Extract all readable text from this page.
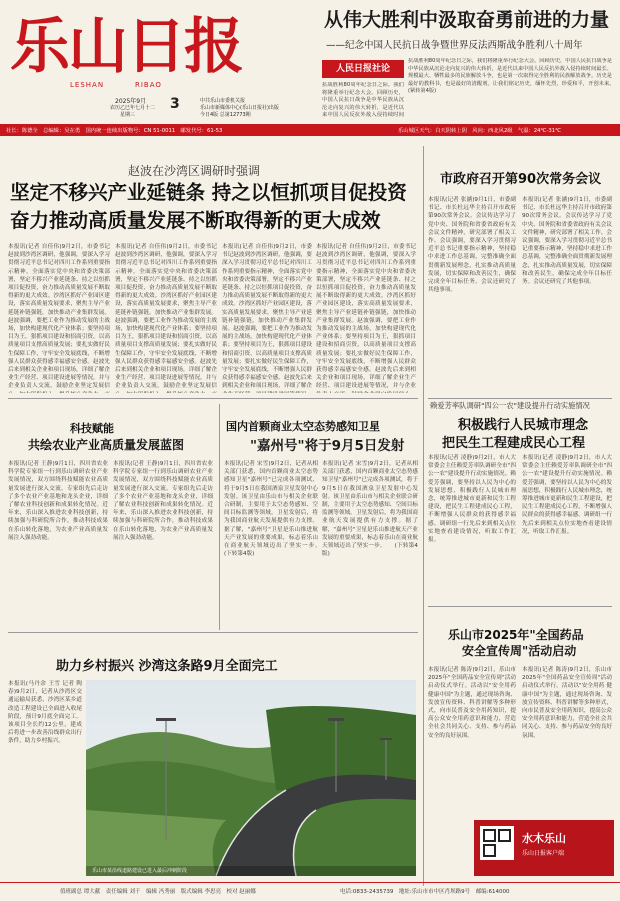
乐山日报
LESHAN	RIBAO
2025年9月
农历乙巳年七月十二
星期三
3	中共乐山市委机关报
乐山市新媒体中心(乐山日报社)出版
今日4版 总第12773期
从伟大胜利中汲取奋勇前进的力量
——纪念中国人民抗日战争暨世界反法西斯战争胜利八十周年
人民日报社论
抗战胜利80周年纪念日之际，我们将隆重举行纪念大会。回顾历史，中国人民抗日战争是中华民族从沉沦走向复兴的伟大转折，是近代以来中国人民反抗外敌入侵持续时间最长、规模最大、牺牲最多的民族解放斗争，也是第一次取得完全胜利的民族解放战争。历史是最好的教科书，也是最好的清醒剂。让我们铭记历史，缅怀先烈，珍爱和平，开创未来。　　(紧转第4版)
抗战胜利80周年纪念日之际，我们将隆重举行纪念大会。回顾历史，中国人民抗日战争是中华民族从沉沦走向复兴的伟大转折，是近代以来中国人民反抗外敌入侵持续时间　　
社长：陈德全　总编辑：吴在勇　国内统一连续出版物号：CN 51-0011　邮发代号：61-53	乐山城区天气：白天阴转上阴　风向：西北风2级　气温：24℃-31℃
赵波在沙湾区调研时强调
坚定不移兴产业延链条 持之以恒抓项目促投资
奋力推动高质量发展不断取得新的更大成效
本报讯(记者 自佳伟)9月2日，市委书记赵波到沙湾区调研，他强调，要深入学习贯彻习近平总书记对四川工作系列重要指示精神，全面落实党中央和省委决策部署，坚定不移兴产业延链条、持之以恒抓项目促投资，奋力推动高质量发展不断取得新的更大成效。沙湾区抓好产业园区建设，落实高质量发展要求，聚焦主导产业延链补链强链，加快推动产业集群发展。赵波强调，要把工业作为推动发展的主战场，加快构建现代化产业体系；要坚持项目为王，狠抓项目建设和招商引资，以高质量项目支撑高质量发展；要扎实做好民生保障工作，守牢安全发展底线，不断增强人民群众获得感幸福感安全感。赵波先后来到相关企业和项目现场，详细了解企业生产经营、项目建设进展等情况，并与企业负责人交流，鼓励企业坚定发展信
本报讯(记者 自佳伟)9月2日，市委书记赵波到沙湾区调研，他强调，要深入学习贯彻习近平总书记对四川工作系列重要指示精神，全面落实党中央和省委决策部署，坚定不移兴产业延链条、持之以恒抓项目促投资，奋力推动高质量发展不断取得新的更大成效。沙湾区抓好产业园区建设，落实高质量发展要求，聚焦主导产业延链补链强链，加快推动产业集群发展。赵波强调，要把工业作为推动发展的主战场，加快构建现代化产业体系；要坚持项目为王，狠抓项目建设和招商引资，以高质量项目支撑高质量发展；要扎实做好民生保障工作，守牢安全发展底线，不断增强人民群众获得感幸福感安全感。赵波先后来到相关企业和项目现场，详细了解企业生产经营、项目建设进展等情况，并与企业负责人交流，鼓励企业坚定发展信
本报讯(记者 自佳伟)9月2日，市委书记赵波到沙湾区调研，他强调，要深入学习贯彻习近平总书记对四川工作系列重要指示精神，全面落实党中央和省委决策部署，坚定不移兴产业延链条、持之以恒抓项目促投资，奋力推动高质量发展不断取得新的更大成效。沙湾区抓好产业园区建设，落实高质量发展要求，聚焦主导产业延链补链强链，加快推动产业集群发展。赵波强调，要把工业作为推动发展的主战场，加快构建现代化产业体系；要坚持项目为王，狠抓项目建设和招商引资，以高质量项目支撑高质量发展；要扎实做好民生保障工作，守牢安全发展底线，不断增强人民群众获得感幸福感安全感。赵波先后来到相关企业和项目现场，详细了解企
本报讯(记者 自佳伟)9月2日，市委书记赵波到沙湾区调研，他强调，要深入学习贯彻习近平总书记对四川工作系列重要指示精神，全面落实党中央和省委决策部署，坚定不移兴产业延链条、持之以恒抓项目促投资，奋力推动高质量发展不断取得新的更大成效。沙湾区抓好产业园区建设，落实高质量发展要求，聚焦主导产业延链补链强链，加快推动产业集群发展。赵波强调，要把工业作为推动发展的主战场，加快构建现代化产业体系；要坚持项目为王，狠抓项目建设和招商引资，以高质量项目支撑高质量发展；要扎实做好民生保障工作，守牢安全发展底线，不断增强人民群众获得感幸福感安全感。赵波先后来到相关企业和项目现场，详细了解企业生产经营、项目建设进展等情况，并与企业
市政府召开第90次常务会议
本报讯(记者 张涵)9月1日，市委副书记、市长杜远华主持召开市政府第90次常务会议。会议传达学习了党中央、国务院和省委省政府有关会议文件精神，研究部署了相关工作。会议强调，要深入学习贯彻习近平总书记重要指示精神，坚持稳中求进工作总基调，完整准确全面贯彻新发展理念，扎实推动高质量发展，切实保障和改善民生，确保完成全年目标任务。会议还研究了其他事项。
本报讯(记者 张涵)9月1日，市委副书记、市长杜远华主持召开市政府第90次常务会议。会议传达学习了党中央、国务院和省委省政府有关会议文件精神，研究部署了相关工作。会议强调，要深入学习贯彻习近平总书记重要指示精神，坚持稳中求进工作总基调，完整准确全面贯彻新发展理念，扎实推动高质量发展，切实保障和改善民生，确保完成全年目标任务。会议还研究了其他事项。
赖爱芳率队调研"四公一农"建设提升行动实施情况
积极践行人民城市理念
把民生工程建成民心工程
本报讯(记者 凌静)9月2日，市人大常委会主任赖爱芳率队调研全市"四公一农"建设提升行动实施情况。赖爱芳强调，要坚持以人民为中心的发展思想，积极践行人民城市理念，统筹推进城市更新和民生工程建设，把民生工程建成民心工程，不断增强人民群众的获得感幸福感。调研组一行先后来到相关点位实地查看建设情况，听取工作汇报。
本报讯(记者 凌静)9月2日，市人大常委会主任赖爱芳率队调研全市"四公一农"建设提升行动实施情况。赖爱芳强调，要坚持以人民为中心的发展思想，积极践行人民城市理念，统筹推进城市更新和民生工程建设，把民生工程建成民心工程，不断增强人民群众的获得感幸福感。调研组一行先后来到相关点位实地查看建设情况，听取工作汇报。
科技赋能
共绘农业产业高质量发展蓝图
本报讯(记者 王静)9月1日，四川省农业科学院专家组一行到乐山调研农业产业发展情况，双方围绕科技赋能农业高质量发展进行深入交流。专家组先后走访了多个农业产业基地和龙头企业，详细了解农业科技创新和成果转化情况。近年来，乐山深入推进农业科技创新，持续加强与科研院所合作，推动科技成果在乐山转化落地，为农业产业高质量发展注入强劲动能。
本报讯(记者 王静)9月1日，四川省农业科学院专家组一行到乐山调研农业产业发展情况，双方围绕科技赋能农业高质量发展进行深入交流。专家组先后走访了多个农业产业基地和龙头企业，详细了解农业科技创新和成果转化情况。近年来，乐山深入推进农业科技创新，持续加强与科研院所合作，推动科技成果在乐山转化落地，为农业产业高质量发展注入强劲动能。
国内首颗商业太空态势感知卫星
"嘉州号"将于9月5日发射
本报讯(记者 宋雪)9月2日，记者从相关部门获悉，国内首颗商业太空态势感知卫星"嘉州号"已完成各项测试，将于9月5日在我国酒泉卫星发射中心发射。该卫星由乐山市与相关企业联合研制，主要用于太空态势感知、空间目标监测等领域。卫星发射后，将为我国商业航天发展提供有力支撑。据了解，"嘉州号"卫星是乐山推进航天产业发展的重要成果，标志着乐山在商业航天领域迈出了坚实一步。　　(下转第4版)
本报讯(记者 宋雪)9月2日，记者从相关部门获悉，国内首颗商业太空态势感知卫星"嘉州号"已完成各项测试，将于9月5日在我国酒泉卫星发射中心发射。该卫星由乐山市与相关企业联合研制，主要用于太空态势感知、空间目标监测等领域。卫星发射后，将为我国商业航天发展提供有力支撑。据了解，"嘉州号"卫星是乐山推进航天产业发展的重要成果，标志着乐山在商业航天领域迈出了坚实一步。　　(下转第4版)
乐山市2025年"全国药品
安全宣传周"活动启动
本报讯(记者 陈涛)9月2日，乐山市2025年"全国药品安全宣传周"活动启动仪式举行。活动以"安全用药 健康中国"为主题，通过现场咨询、发放宣传资料、科普讲解等多种形式，向市民普及安全用药知识，提高公众安全用药意识和能力，营造全社会共同关心、支持、参与药品安全的良好氛围。
本报讯(记者 陈涛)9月2日，乐山市2025年"全国药品安全宣传周"活动启动仪式举行。活动以"安全用药 健康中国"为主题，通过现场咨询、发放宣传资料、科普讲解等多种形式，向市民普及安全用药知识，提高公众安全用药意识和能力，营造全社会共同关心、支持、参与药品安全的良好氛围。
助力乡村振兴 沙湾这条路9月全面完工
本报讯(马丹余 王雪 记者 陶春)9月2日，记者从沙湾区交通运输局获悉，沙湾区某乡道改造工程建设已全面进入收尾阶段，预计9月底全面完工。该项目全长约12公里，建成后将进一步改善沿线群众出行条件，助力乡村振兴。
乐山市某沿线道路建设已进入最后冲刺阶段
水木乐山
乐山日报客户端
值班副总 谭大献　责任编辑 刘千　编辑 冯秀丽　版式编辑 李思亮　校对 赵丽娜	电话:0833-2435739　地址:乐山市市中区肖坝路9号　邮编:614000
